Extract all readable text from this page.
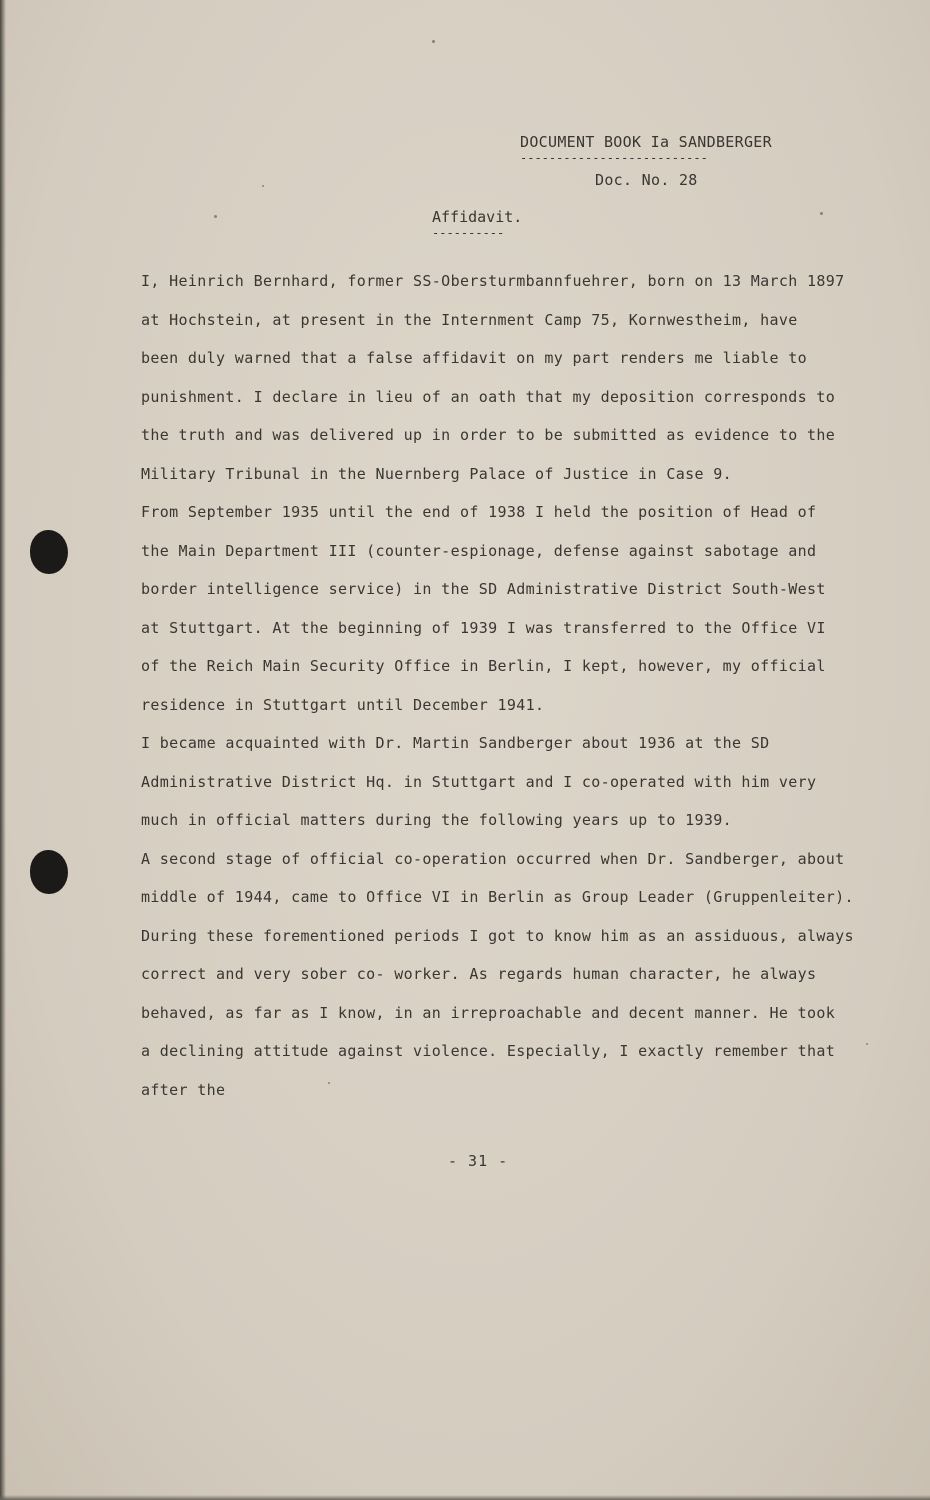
DOCUMENT BOOK Ia SANDBERGER
--------------------------
Doc. No. 28
Affidavit.
----------
I, Heinrich Bernhard, former SS-Obersturmbannfuehrer, born on 13 March 1897
at Hochstein, at present in the Internment Camp 75, Kornwestheim, have
been duly warned that a false affidavit on my part renders me liable to
punishment. I declare in lieu of an oath that my deposition corresponds to
the truth and was delivered up in order to be submitted as evidence to the
Military Tribunal in the Nuernberg Palace of Justice in Case 9.
From September 1935 until the end of 1938 I held the position of Head of
the Main Department III (counter-espionage, defense against sabotage and
border intelligence service) in the SD Administrative District South-West
at Stuttgart. At the beginning of 1939 I was transferred to the Office VI
of the Reich Main Security Office in Berlin, I kept, however, my official
residence in Stuttgart until December 1941.
I became acquainted with Dr. Martin Sandberger about 1936 at the SD
Administrative District Hq. in Stuttgart and I co-operated with him very
much in official matters during the following years up to 1939.
A second stage of official co-operation occurred when Dr. Sandberger, about
middle of 1944, came to Office VI in Berlin as Group Leader (Gruppenleiter).
During these forementioned periods I got to know him as an assiduous, always
correct and very sober co- worker. As regards human character, he always
behaved, as far as I know, in an irreproachable and decent manner. He took
a declining attitude against violence. Especially, I exactly remember that
after the
- 31 -
